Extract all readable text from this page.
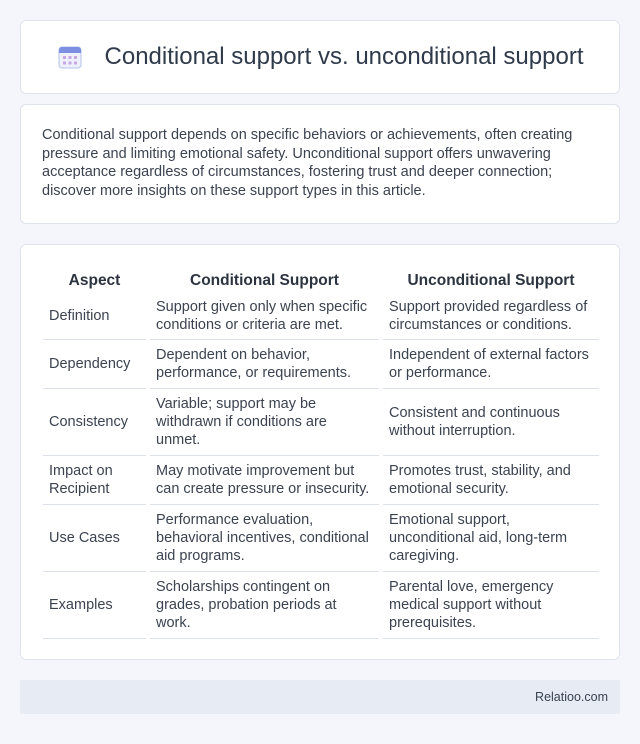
Conditional support vs. unconditional support

Conditional support depends on specific behaviors or achievements, often creating pressure and limiting emotional safety. Unconditional support offers unwavering acceptance regardless of circumstances, fostering trust and deeper connection; discover more insights on these support types in this article.

Aspect		Conditional Support		Unconditional Support
Definition		Support given only when specific conditions or criteria are met.		Support provided regardless of circumstances or conditions.
Dependency		Dependent on behavior, performance, or requirements.		Independent of external factors or performance.
Consistency		Variable; support may be withdrawn if conditions are unmet.		Consistent and continuous without interruption.
Impact on Recipient		May motivate improvement but can create pressure or insecurity.		Promotes trust, stability, and emotional security.
Use Cases		Performance evaluation, behavioral incentives, conditional aid programs.		Emotional support, unconditional aid, long-term caregiving.
Examples		Scholarships contingent on grades, probation periods at work.		Parental love, emergency medical support without prerequisites.
Relatioo.com
